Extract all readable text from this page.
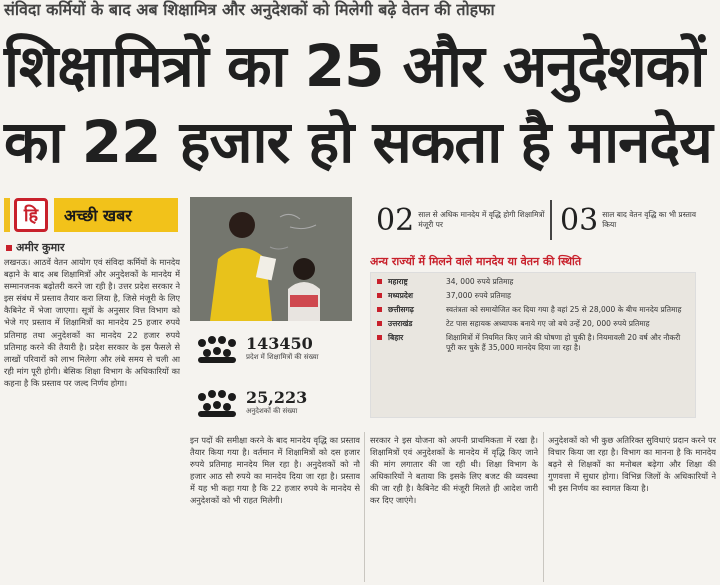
संविदा कर्मियों के बाद अब शिक्षामित्र और अनुदेशकों को मिलेगी बढ़े वेतन की तोहफा
शिक्षामित्रों का 25 और अनुदेशकों
का 22 हजार हो सकता है मानदेय
हि	अच्छी खबर
अमीर कुमार
लखनऊ। आठवें वेतन आयोग एवं संविदा कर्मियों के मानदेय बढ़ाने के बाद अब शिक्षामित्रों और अनुदेशकों के मानदेय में सम्मानजनक बढ़ोतरी करने जा रही है। उत्तर प्रदेश सरकार ने इस संबंध में प्रस्ताव तैयार करा लिया है, जिसे मंजूरी के लिए कैबिनेट में भेजा जाएगा। सूत्रों के अनुसार वित्त विभाग को भेजे गए प्रस्ताव में शिक्षामित्रों का मानदेय 25 हजार रुपये प्रतिमाह तथा अनुदेशकों का मानदेय 22 हजार रुपये प्रतिमाह करने की तैयारी है। प्रदेश सरकार के इस फैसले से लाखों परिवारों को लाभ मिलेगा और लंबे समय से चली आ रही मांग पूरी होगी। बेसिक शिक्षा विभाग के अधिकारियों का कहना है कि प्रस्ताव पर जल्द निर्णय होगा।
143450
प्रदेश में शिक्षामित्रों की संख्या
25,223
अनुदेशकों की संख्या
02 साल से अधिक मानदेय में वृद्धि होगी शिक्षामित्रों मंजूरी पर	03 साल बाद वेतन वृद्धि का भी प्रस्ताव किया
अन्य राज्यों में मिलने वाले मानदेय या वेतन की स्थिति
महाराष्ट्र	34, 000 रुपये प्रतिमाह
मध्यप्रदेश	37,000 रुपये प्रतिमाह
छत्तीसगढ़	स्वतंत्रता को समायोजित कर दिया गया है वहां 25 से 28,000 के बीच मानदेय प्रतिमाह
उत्तराखंड	टेट पास सहायक अध्यापक बनाये गए जो बचे उन्हें 20, 000 रुपये प्रतिमाह
बिहार	शिक्षामित्रों में नियमित किए जाने की घोषणा हो चुकी है। नियमावली 20 वर्ष और नौकरी पूरी कर चुके हैं 35,000 मानदेय दिया जा रहा है।
इन पदों की समीक्षा करने के बाद मानदेय वृद्धि का प्रस्ताव तैयार किया गया है। वर्तमान में शिक्षामित्रों को दस हजार रुपये प्रतिमाह मानदेय मिल रहा है। अनुदेशकों को नौ हजार आठ सौ रुपये का मानदेय दिया जा रहा है। प्रस्ताव में यह भी कहा गया है कि 22 हजार रुपये के मानदेय से अनुदेशकों को भी राहत मिलेगी।
सरकार ने इस योजना को अपनी प्राथमिकता में रखा है। शिक्षामित्रों एवं अनुदेशकों के मानदेय में वृद्धि किए जाने की मांग लगातार की जा रही थी। शिक्षा विभाग के अधिकारियों ने बताया कि इसके लिए बजट की व्यवस्था की जा रही है। कैबिनेट की मंजूरी मिलते ही आदेश जारी कर दिए जाएंगे।
अनुदेशकों को भी कुछ अतिरिक्त सुविधाएं प्रदान करने पर विचार किया जा रहा है। विभाग का मानना है कि मानदेय बढ़ने से शिक्षकों का मनोबल बढ़ेगा और शिक्षा की गुणवत्ता में सुधार होगा। विभिन्न जिलों के अधिकारियों ने भी इस निर्णय का स्वागत किया है।
